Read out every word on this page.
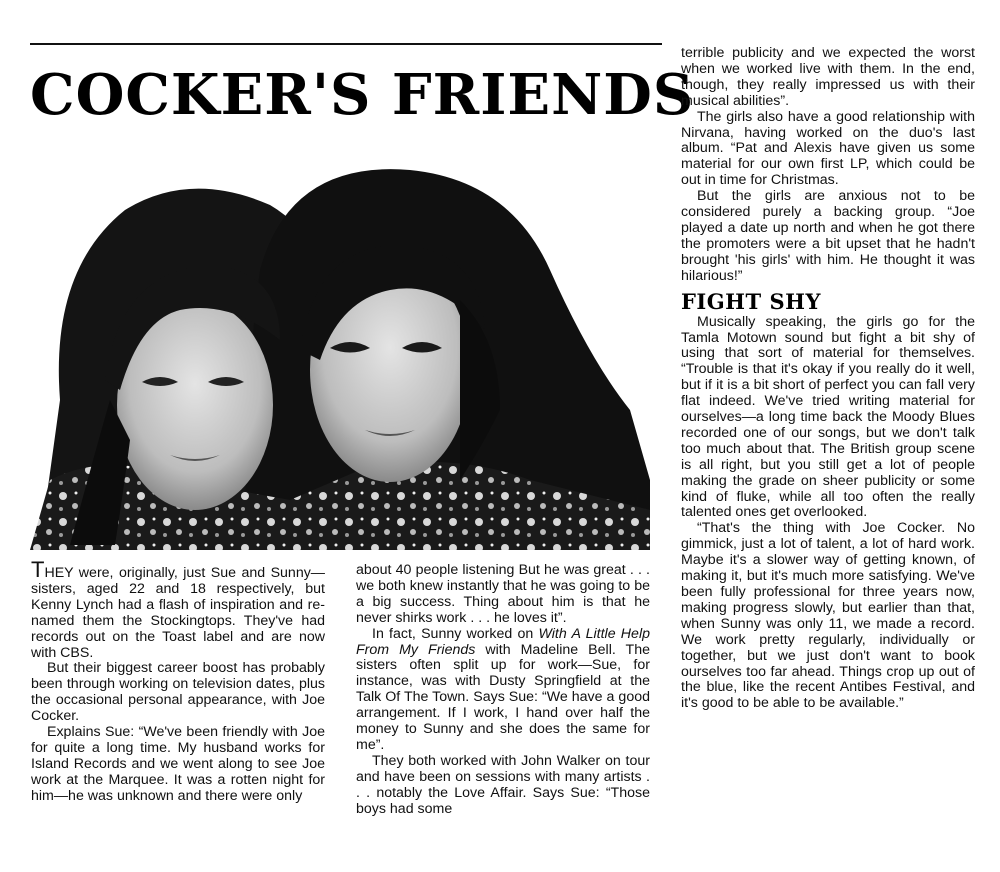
COCKER'S FRIENDS

THEY were, originally, just Sue and Sunny—sisters, aged 22 and 18 respectively, but Kenny Lynch had a flash of inspiration and re-named them the Stockingtops. They've had records out on the Toast label and are now with CBS.

But their biggest career boost has probably been through working on television dates, plus the occasional personal appearance, with Joe Cocker.

Explains Sue: “We've been friendly with Joe for quite a long time. My husband works for Island Records and we went along to see Joe work at the Marquee. It was a rotten night for him—he was unknown and there were only

about 40 people listening But he was great . . . we both knew instantly that he was going to be a big success. Thing about him is that he never shirks work . . . he loves it”.

In fact, Sunny worked on With A Little Help From My Friends with Madeline Bell. The sisters often split up for work—Sue, for instance, was with Dusty Springfield at the Talk Of The Town. Says Sue: “We have a good arrangement. If I work, I hand over half the money to Sunny and she does the same for me”.

They both worked with John Walker on tour and have been on sessions with many artists . . . notably the Love Affair. Says Sue: “Those boys had some

terrible publicity and we expected the worst when we worked live with them. In the end, though, they really impressed us with their musical abilities”.

The girls also have a good relationship with Nirvana, having worked on the duo's last album. “Pat and Alexis have given us some material for our own first LP, which could be out in time for Christmas.

But the girls are anxious not to be considered purely a backing group. “Joe played a date up north and when he got there the promoters were a bit upset that he hadn't brought 'his girls' with him. He thought it was hilarious!”

FIGHT SHY

Musically speaking, the girls go for the Tamla Motown sound but fight a bit shy of using that sort of material for themselves. “Trouble is that it's okay if you really do it well, but if it is a bit short of perfect you can fall very flat indeed. We've tried writing material for ourselves—a long time back the Moody Blues recorded one of our songs, but we don't talk too much about that. The British group scene is all right, but you still get a lot of people making the grade on sheer publicity or some kind of fluke, while all too often the really talented ones get overlooked.

“That's the thing with Joe Cocker. No gimmick, just a lot of talent, a lot of hard work. Maybe it's a slower way of getting known, of making it, but it's much more satisfying. We've been fully professional for three years now, making progress slowly, but earlier than that, when Sunny was only 11, we made a record. We work pretty regularly, individually or together, but we just don't want to book ourselves too far ahead. Things crop up out of the blue, like the recent Antibes Festival, and it's good to be able to be available.”
